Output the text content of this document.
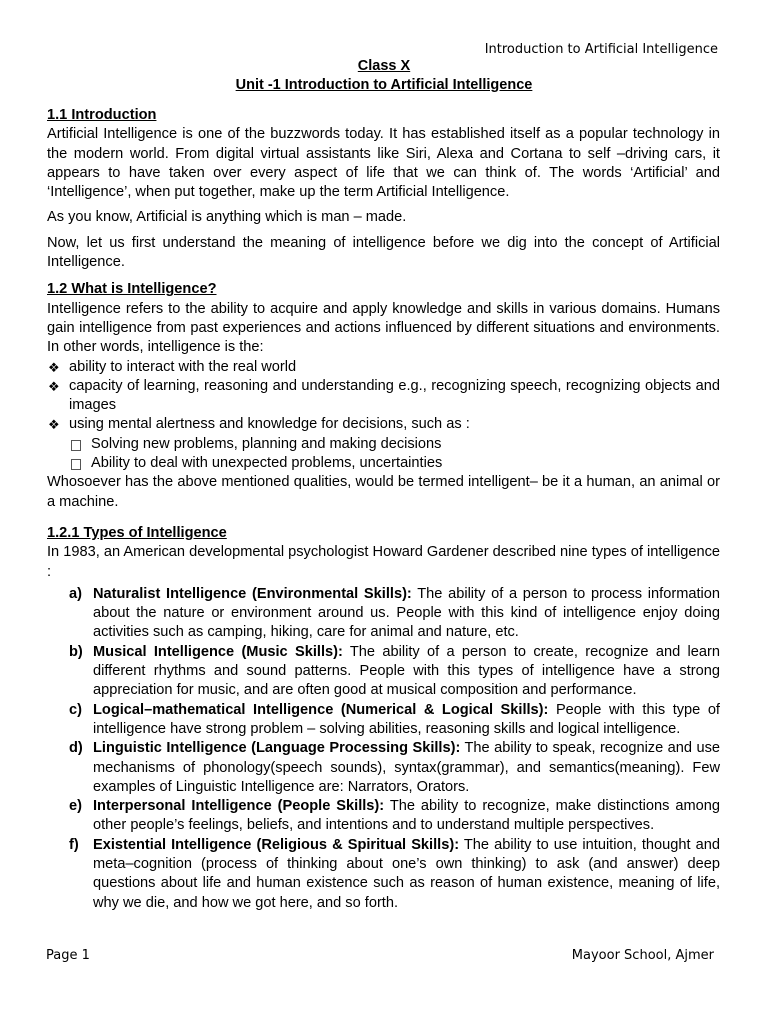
Introduction to Artificial Intelligence
Class X
Unit -1 Introduction to Artificial Intelligence

1.1 Introduction

Artificial Intelligence is one of the buzzwords today. It has established itself as a popular technology in the modern world. From digital virtual assistants like Siri, Alexa and Cortana to self –driving cars, it appears to have taken over every aspect of life that we can think of. The words ‘Artificial’ and ‘Intelligence’, when put together, make up the term Artificial Intelligence.

As you know, Artificial is anything which is man – made.

Now, let us first understand the meaning of intelligence before we dig into the concept of Artificial Intelligence.

1.2 What is Intelligence?

Intelligence refers to the ability to acquire and apply knowledge and skills in various domains. Humans gain intelligence from past experiences and actions influenced by different situations and environments. In other words, intelligence is the:

❖ ability to interact with the real world
❖ capacity of learning, reasoning and understanding e.g., recognizing speech, recognizing objects and images
❖ using mental alertness and knowledge for decisions, such as :
Solving new problems, planning and making decisions
Ability to deal with unexpected problems, uncertainties

Whosoever has the above mentioned qualities, would be termed intelligent– be it a human, an animal or a machine.

1.2.1 Types of Intelligence

In 1983, an American developmental psychologist Howard Gardener described nine types of intelligence :

a) Naturalist Intelligence (Environmental Skills): The ability of a person to process information about the nature or environment around us. People with this kind of intelligence enjoy doing activities such as camping, hiking, care for animal and nature, etc.
b) Musical Intelligence (Music Skills): The ability of a person to create, recognize and learn different rhythms and sound patterns. People with this types of intelligence have a strong appreciation for music, and are often good at musical composition and performance.
c) Logical–mathematical Intelligence (Numerical & Logical Skills): People with this type of intelligence have strong problem – solving abilities, reasoning skills and logical intelligence.
d) Linguistic Intelligence (Language Processing Skills): The ability to speak, recognize and use mechanisms of phonology(speech sounds), syntax(grammar), and semantics(meaning). Few examples of Linguistic Intelligence are: Narrators, Orators.
e) Interpersonal Intelligence (People Skills): The ability to recognize, make distinctions among other people’s feelings, beliefs, and intentions and to understand multiple perspectives.
f) Existential Intelligence (Religious & Spiritual Skills): The ability to use intuition, thought and meta–cognition (process of thinking about one’s own thinking) to ask (and answer) deep questions about life and human existence such as reason of human existence, meaning of life, why we die, and how we got here, and so forth.
Page 1	Mayoor School, Ajmer
